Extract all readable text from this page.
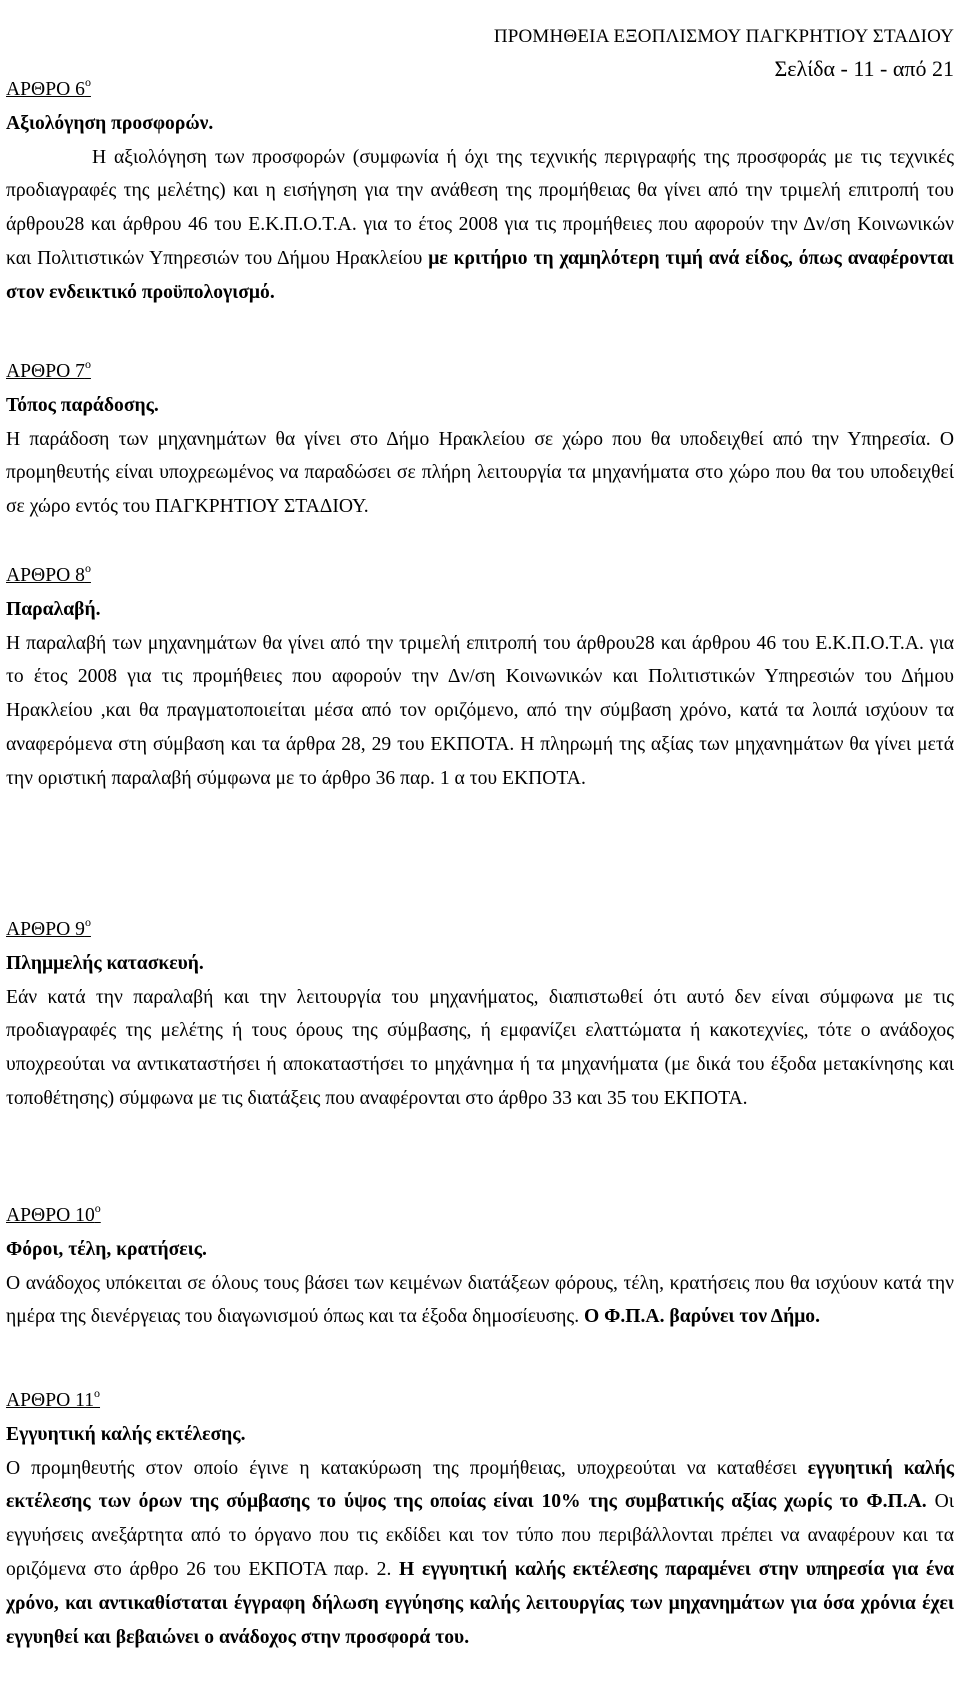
ΠΡΟΜΗΘΕΙΑ ΕΞΟΠΛΙΣΜΟΥ ΠΑΓΚΡΗΤΙΟΥ ΣΤΑΔΙΟΥ
Σελίδα - 11 - από 21
ΑΡΘΡΟ $6^o$
Αξιολόγηση προσφορών.
Η αξιολόγηση των προσφορών (συμφωνία ή όχι της τεχνικής περιγραφής της προσφοράς με τις τεχνικές προδιαγραφές της μελέτης) και η εισήγηση για την ανάθεση της προμήθειας θα γίνει από την τριμελή επιτροπή του άρθρου28 και άρθρου 46 του Ε.Κ.Π.Ο.Τ.Α. για το έτος 2008 για τις προμήθειες που αφορούν την Δν/ση Κοινωνικών και Πολιτιστικών Υπηρεσιών του Δήμου Ηρακλείου με κριτήριο τη χαμηλότερη τιμή ανά είδος, όπως αναφέρονται στον ενδεικτικό προϋπολογισμό.
ΑΡΘΡΟ $7^o$
Τόπος παράδοσης.
Η παράδοση των μηχανημάτων θα γίνει στο Δήμο Ηρακλείου σε χώρο που θα υποδειχθεί από την Υπηρεσία. Ο προμηθευτής είναι υποχρεωμένος να παραδώσει σε πλήρη λειτουργία τα μηχανήματα στο χώρο που θα του υποδειχθεί σε χώρο εντός του ΠΑΓΚΡΗΤΙΟΥ ΣΤΑΔΙΟΥ.
ΑΡΘΡΟ $8^o$
Παραλαβή.
Η παραλαβή των μηχανημάτων θα γίνει από την τριμελή επιτροπή του άρθρου28 και άρθρου 46 του Ε.Κ.Π.Ο.Τ.Α. για το έτος 2008 για τις προμήθειες που αφορούν την Δν/ση Κοινωνικών και Πολιτιστικών Υπηρεσιών του Δήμου Ηρακλείου ,και θα πραγματοποιείται μέσα από τον οριζόμενο, από την σύμβαση χρόνο, κατά τα λοιπά ισχύουν τα αναφερόμενα στη σύμβαση και τα άρθρα 28, 29 του ΕΚΠΟΤΑ. Η πληρωμή της αξίας των μηχανημάτων θα γίνει μετά την οριστική παραλαβή σύμφωνα με το άρθρο 36 παρ. 1 α του ΕΚΠΟΤΑ.
ΑΡΘΡΟ $9^o$
Πλημμελής κατασκευή.
Εάν κατά την παραλαβή και την λειτουργία του μηχανήματος, διαπιστωθεί ότι αυτό δεν είναι σύμφωνα με τις προδιαγραφές της μελέτης ή τους όρους της σύμβασης, ή εμφανίζει ελαττώματα ή κακοτεχνίες, τότε ο ανάδοχος υποχρεούται να αντικαταστήσει ή αποκαταστήσει το μηχάνημα ή τα μηχανήματα (με δικά του έξοδα μετακίνησης και τοποθέτησης) σύμφωνα με τις διατάξεις που αναφέρονται στο άρθρο 33 και 35 του ΕΚΠΟΤΑ.
ΑΡΘΡΟ $10^o$
Φόροι, τέλη, κρατήσεις.
Ο ανάδοχος υπόκειται σε όλους τους βάσει των κειμένων διατάξεων φόρους, τέλη, κρατήσεις που θα ισχύουν κατά την ημέρα της διενέργειας του διαγωνισμού όπως και τα έξοδα δημοσίευσης. Ο Φ.Π.Α. βαρύνει τον Δήμο.
ΑΡΘΡΟ $11^o$
Εγγυητική καλής εκτέλεσης.
Ο προμηθευτής στον οποίο έγινε η κατακύρωση της προμήθειας, υποχρεούται να καταθέσει εγγυητική καλής εκτέλεσης των όρων της σύμβασης το ύψος της οποίας είναι 10% της συμβατικής αξίας χωρίς το Φ.Π.Α. Οι εγγυήσεις ανεξάρτητα από το όργανο που τις εκδίδει και τον τύπο που περιβάλλονται πρέπει να αναφέρουν και τα οριζόμενα στο άρθρο 26 του ΕΚΠΟΤΑ παρ. 2. Η εγγυητική καλής εκτέλεσης παραμένει στην υπηρεσία για ένα χρόνο, και αντικαθίσταται έγγραφη δήλωση εγγύησης καλής λειτουργίας των μηχανημάτων για όσα χρόνια έχει εγγυηθεί και βεβαιώνει ο ανάδοχος στην προσφορά του.
